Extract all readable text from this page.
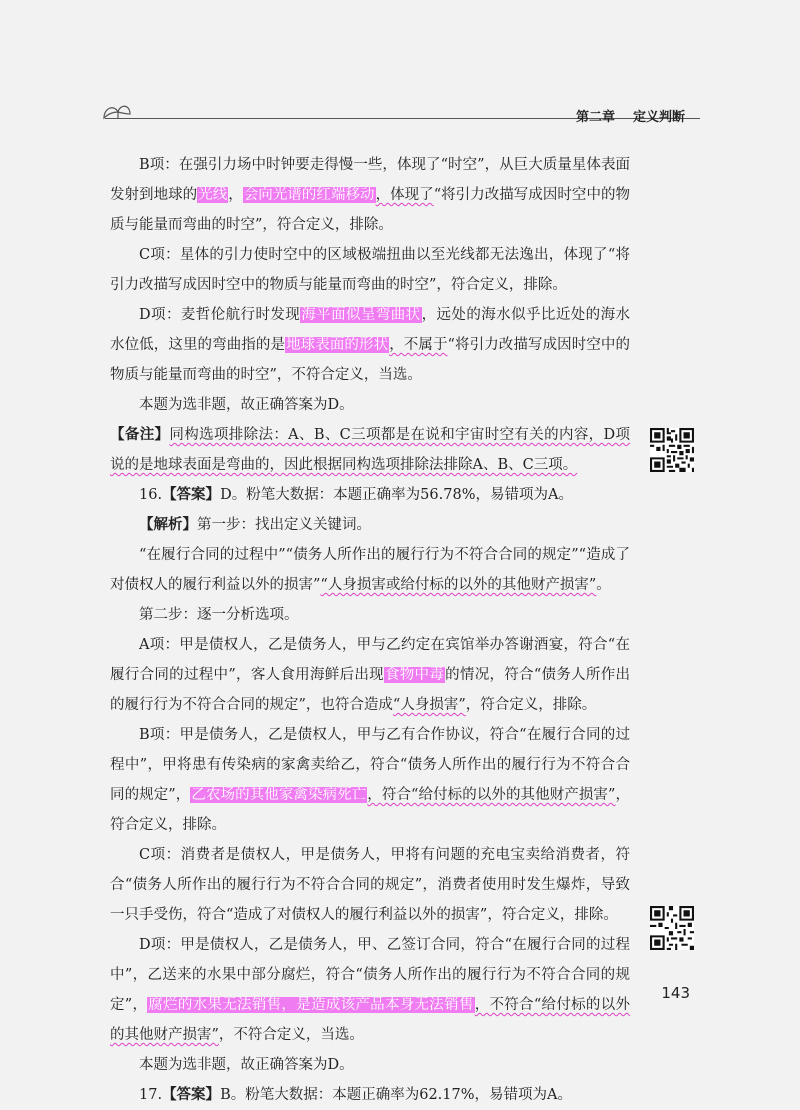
第二章 定义判断

B项：在强引力场中时钟要走得慢一些，体现了“时空”，从巨大质量星体表面发射到地球的光线，会向光谱的红端移动，体现了“将引力改描写成因时空中的物质与能量而弯曲的时空”，符合定义，排除。

C项：星体的引力使时空中的区域极端扭曲以至光线都无法逸出，体现了“将引力改描写成因时空中的物质与能量而弯曲的时空”，符合定义，排除。

D项：麦哲伦航行时发现海平面似呈弯曲状，远处的海水似乎比近处的海水水位低，这里的弯曲指的是地球表面的形状，不属于“将引力改描写成因时空中的物质与能量而弯曲的时空”，不符合定义，当选。

本题为选非题，故正确答案为D。

【备注】同构选项排除法：A、B、C三项都是在说和宇宙时空有关的内容，D项说的是地球表面是弯曲的，因此根据同构选项排除法排除A、B、C三项。

16.【答案】D。粉笔大数据：本题正确率为56.78%，易错项为A。

【解析】第一步：找出定义关键词。

“在履行合同的过程中”“债务人所作出的履行行为不符合合同的规定”“造成了对债权人的履行利益以外的损害”“人身损害或给付标的以外的其他财产损害”。

第二步：逐一分析选项。

A项：甲是债权人，乙是债务人，甲与乙约定在宾馆举办答谢酒宴，符合“在履行合同的过程中”，客人食用海鲜后出现食物中毒的情况，符合“债务人所作出的履行行为不符合合同的规定”，也符合造成“人身损害”，符合定义，排除。

B项：甲是债务人，乙是债权人，甲与乙有合作协议，符合“在履行合同的过程中”，甲将患有传染病的家禽卖给乙，符合“债务人所作出的履行行为不符合合同的规定”，乙农场的其他家禽染病死亡，符合“给付标的以外的其他财产损害”，符合定义，排除。

C项：消费者是债权人，甲是债务人，甲将有问题的充电宝卖给消费者，符合“债务人所作出的履行行为不符合合同的规定”，消费者使用时发生爆炸，导致一只手受伤，符合“造成了对债权人的履行利益以外的损害”，符合定义，排除。

D项：甲是债权人，乙是债务人，甲、乙签订合同，符合“在履行合同的过程中”，乙送来的水果中部分腐烂，符合“债务人所作出的履行行为不符合合同的规定”，腐烂的水果无法销售，是造成该产品本身无法销售，不符合“给付标的以外的其他财产损害”，不符合定义，当选。

本题为选非题，故正确答案为D。

17.【答案】B。粉笔大数据：本题正确率为62.17%，易错项为A。

143
